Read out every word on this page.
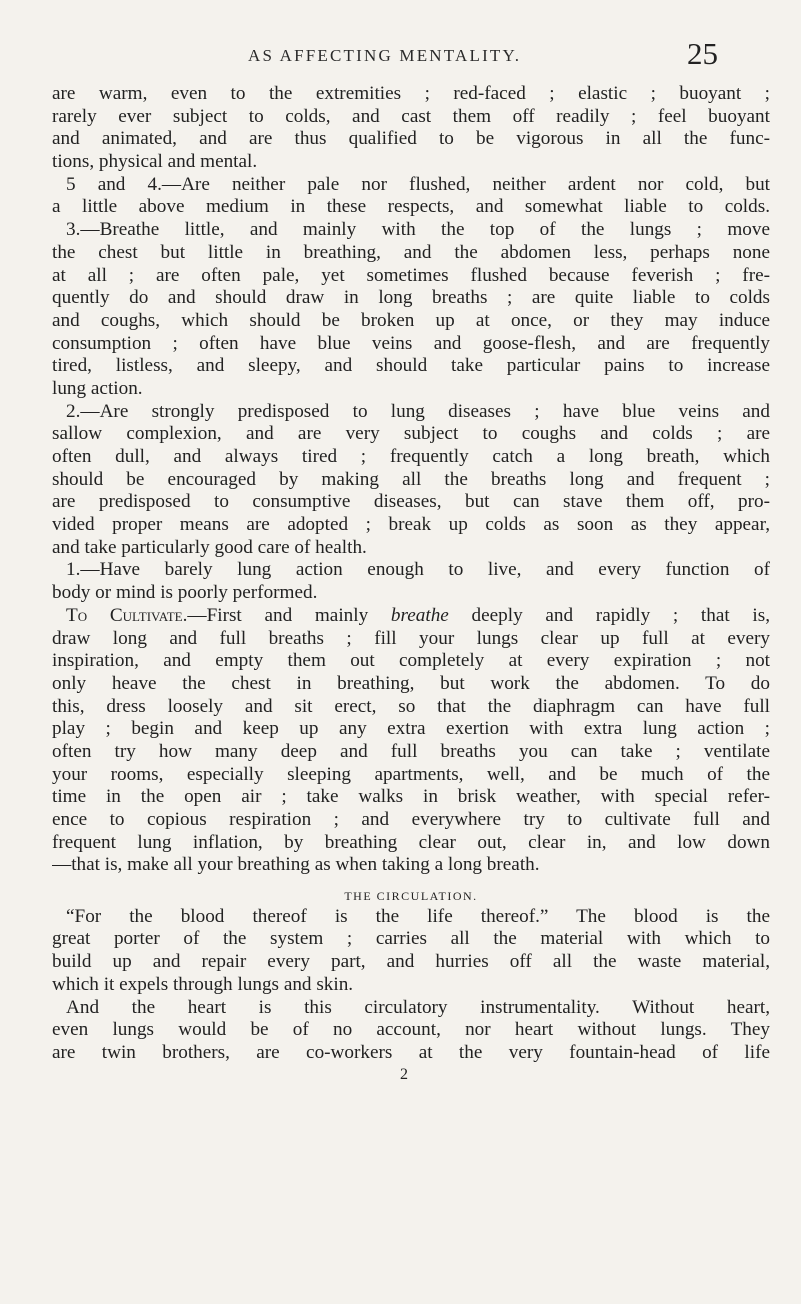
AS AFFECTING MENTALITY.	25
are warm, even to the extremities ; red-faced ; elastic ; buoyant ;
rarely ever subject to colds, and cast them off readily ; feel buoyant
and animated, and are thus qualified to be vigorous in all the func-
tions, physical and mental.
5 and 4.—Are neither pale nor flushed, neither ardent nor cold, but
a little above medium in these respects, and somewhat liable to colds.
3.—Breathe little, and mainly with the top of the lungs ; move
the chest but little in breathing, and the abdomen less, perhaps none
at all ; are often pale, yet sometimes flushed because feverish ; fre-
quently do and should draw in long breaths ; are quite liable to colds
and coughs, which should be broken up at once, or they may induce
consumption ; often have blue veins and goose-flesh, and are frequently
tired, listless, and sleepy, and should take particular pains to increase
lung action.
2.—Are strongly predisposed to lung diseases ; have blue veins and
sallow complexion, and are very subject to coughs and colds ; are
often dull, and always tired ; frequently catch a long breath, which
should be encouraged by making all the breaths long and frequent ;
are predisposed to consumptive diseases, but can stave them off, pro-
vided proper means are adopted ; break up colds as soon as they appear,
and take particularly good care of health.
1.—Have barely lung action enough to live, and every function of
body or mind is poorly performed.
To Cultivate.—First and mainly breathe deeply and rapidly ; that is,
draw long and full breaths ; fill your lungs clear up full at every
inspiration, and empty them out completely at every expiration ; not
only heave the chest in breathing, but work the abdomen. To do
this, dress loosely and sit erect, so that the diaphragm can have full
play ; begin and keep up any extra exertion with extra lung action ;
often try how many deep and full breaths you can take ; ventilate
your rooms, especially sleeping apartments, well, and be much of the
time in the open air ; take walks in brisk weather, with special refer-
ence to copious respiration ; and everywhere try to cultivate full and
frequent lung inflation, by breathing clear out, clear in, and low down
—that is, make all your breathing as when taking a long breath.
THE CIRCULATION.
“For the blood thereof is the life thereof.” The blood is the
great porter of the system ; carries all the material with which to
build up and repair every part, and hurries off all the waste material,
which it expels through lungs and skin.
And the heart is this circulatory instrumentality. Without heart,
even lungs would be of no account, nor heart without lungs. They
are twin brothers, are co-workers at the very fountain-head of life
2
